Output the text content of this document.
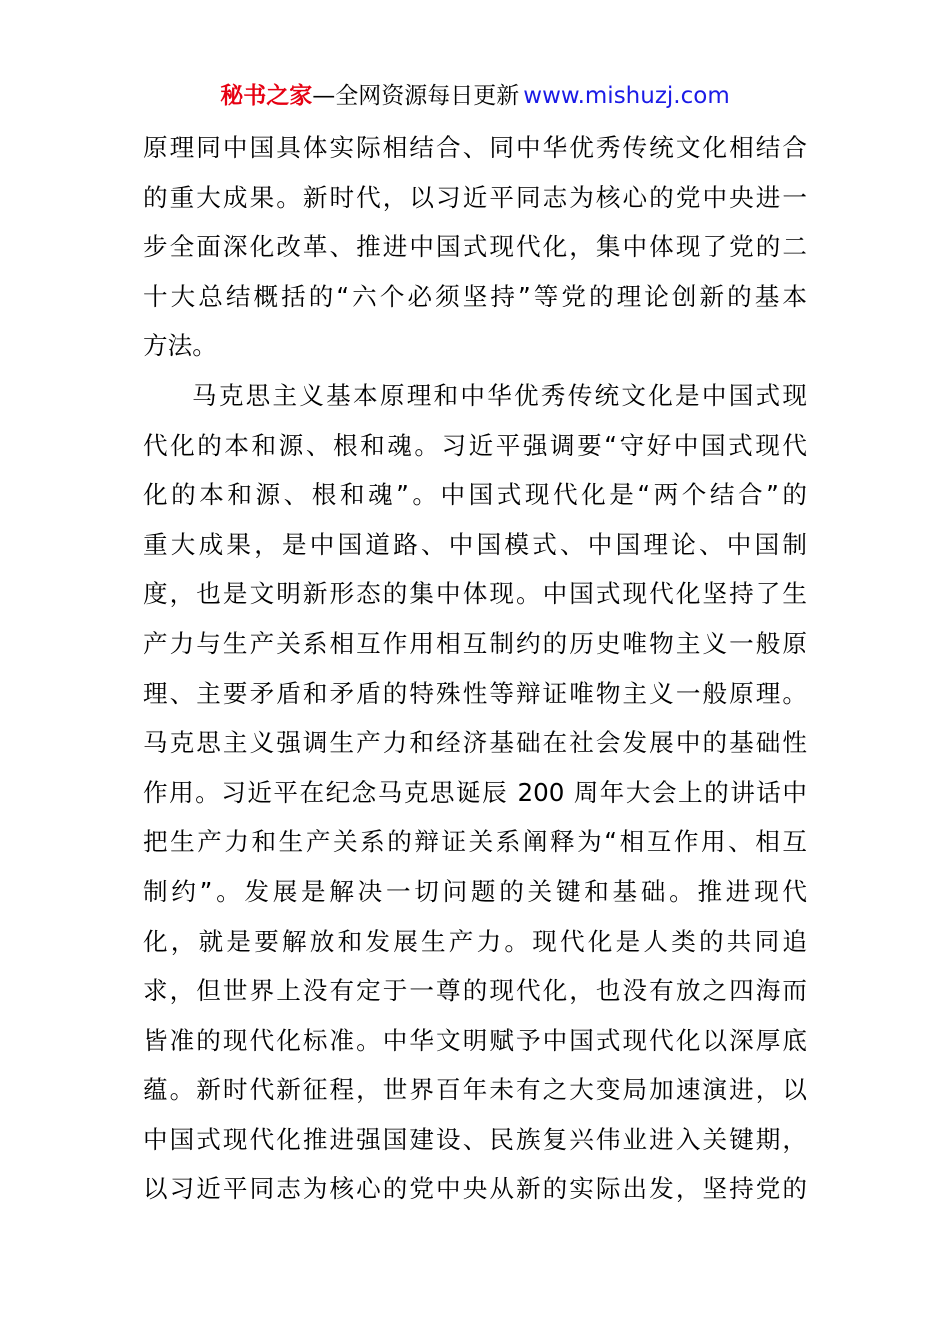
秘书之家—全网资源每日更新 www.mishuzj.com
原理同中国具体实际相结合、同中华优秀传统文化相结合
的重大成果。新时代，以习近平同志为核心的党中央进一
步全面深化改革、推进中国式现代化，集中体现了党的二
十大总结概括的“六个必须坚持”等党的理论创新的基本
方法。
马克思主义基本原理和中华优秀传统文化是中国式现
代化的本和源、根和魂。习近平强调要“守好中国式现代
化的本和源、根和魂”。中国式现代化是“两个结合”的
重大成果，是中国道路、中国模式、中国理论、中国制
度，也是文明新形态的集中体现。中国式现代化坚持了生
产力与生产关系相互作用相互制约的历史唯物主义一般原
理、主要矛盾和矛盾的特殊性等辩证唯物主义一般原理。
马克思主义强调生产力和经济基础在社会发展中的基础性
作用。习近平在纪念马克思诞辰 200 周年大会上的讲话中
把生产力和生产关系的辩证关系阐释为“相互作用、相互
制约”。发展是解决一切问题的关键和基础。推进现代
化，就是要解放和发展生产力。现代化是人类的共同追
求，但世界上没有定于一尊的现代化，也没有放之四海而
皆准的现代化标准。中华文明赋予中国式现代化以深厚底
蕴。新时代新征程，世界百年未有之大变局加速演进，以
中国式现代化推进强国建设、民族复兴伟业进入关键期，
以习近平同志为核心的党中央从新的实际出发，坚持党的
